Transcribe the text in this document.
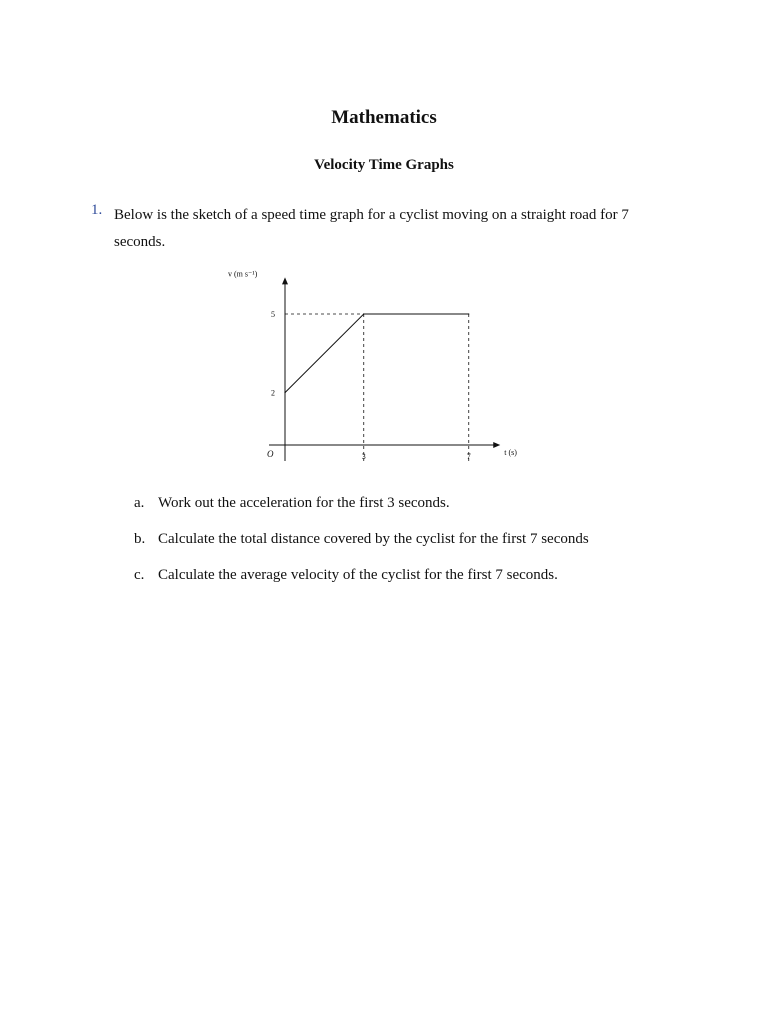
Mathematics
Velocity Time Graphs
1. Below is the sketch of a speed time graph for a cyclist moving on a straight road for 7 seconds.
3	7
2
5
O
v (m s⁻¹)
t (s)
a. Work out the acceleration for the first 3 seconds.
b. Calculate the total distance covered by the cyclist for the first 7 seconds
c. Calculate the average velocity of the cyclist for the first 7 seconds.
